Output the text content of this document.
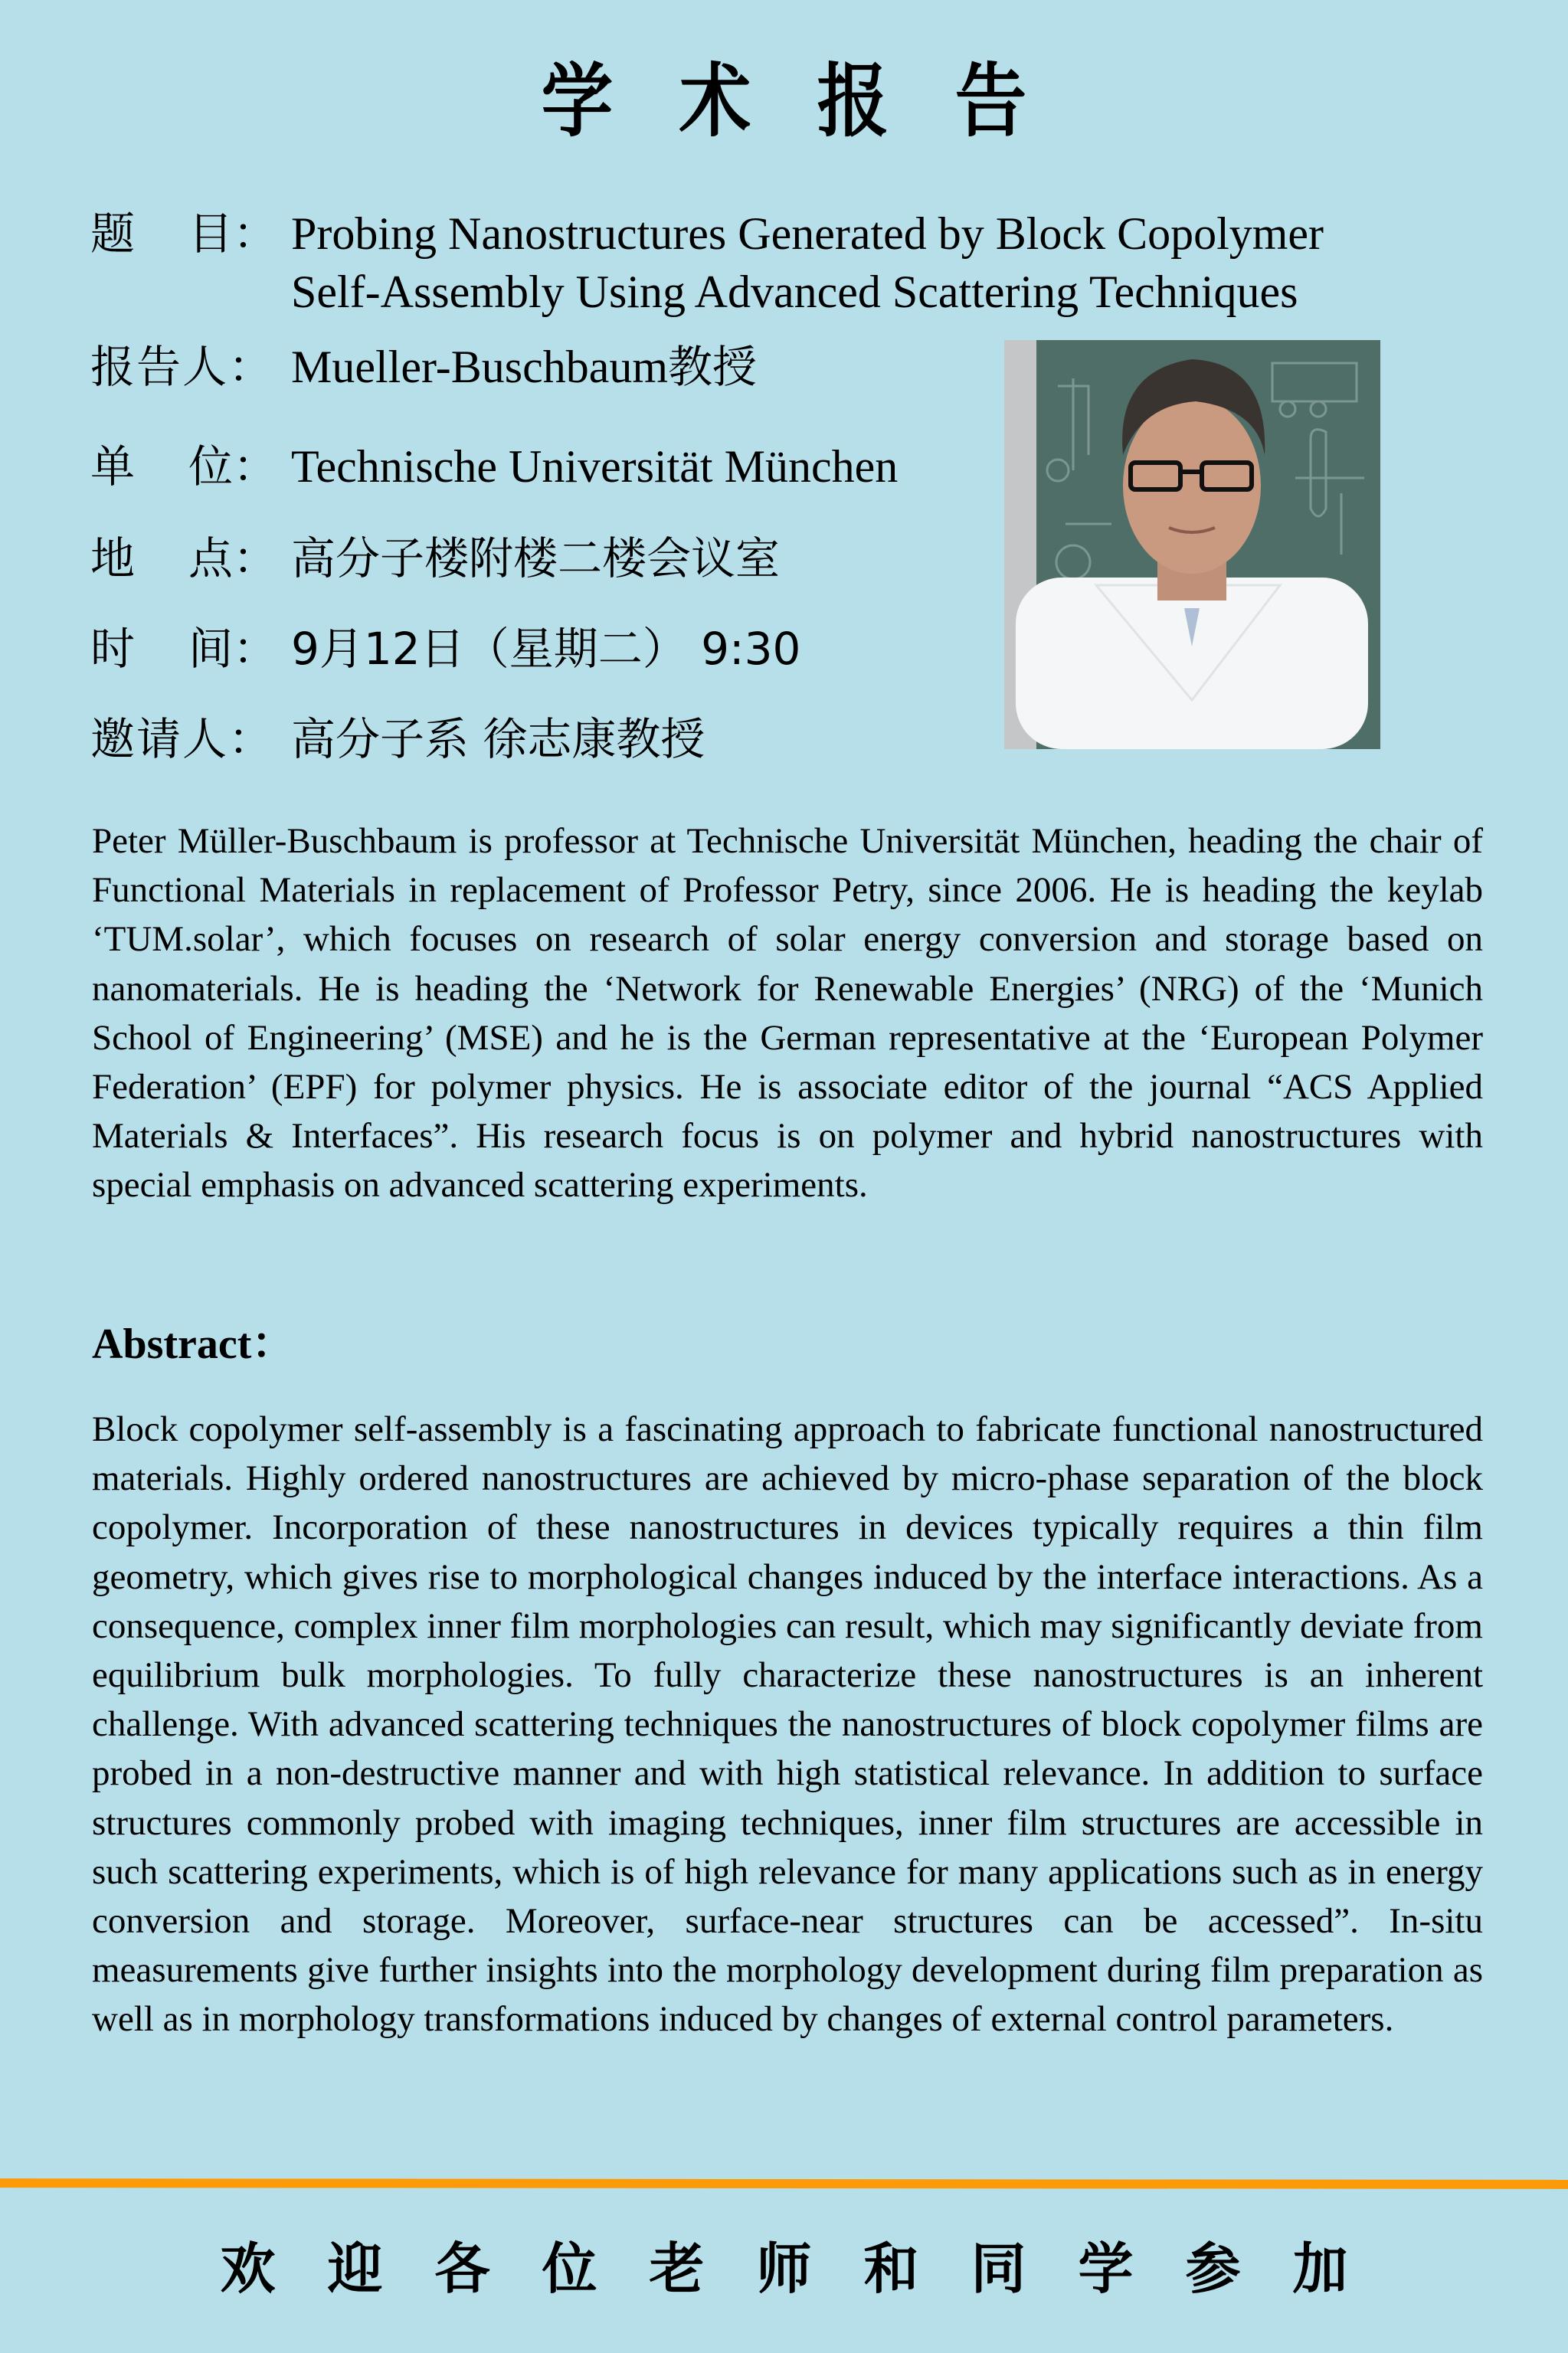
学术报告
题 目： Probing Nanostructures Generated by Block Copolymer
Self-Assembly Using Advanced Scattering Techniques
报告人： Mueller-Buschbaum 教授
单 位： Technische Universität München
地 点： 高分子楼附楼二楼会议室
时 间： 9月12日（星期二） 9:30
邀请人： 高分子系 徐志康教授
Peter Müller-Buschbaum is professor at Technische Universität München, heading the chair of Functional Materials in replacement of Professor Petry, since 2006. He is heading the keylab ‘TUM.solar’, which focuses on research of solar energy conversion and storage based on nanomaterials. He is heading the ‘Network for Renewable Energies’ (NRG) of the ‘Munich School of Engineering’ (MSE) and he is the German representative at the ‘European Polymer Federation’ (EPF) for polymer physics. He is associate editor of the journal “ACS Applied Materials & Interfaces”. His research focus is on polymer and hybrid nanostructures with special emphasis on advanced scattering experiments.
Abstract：
Block copolymer self-assembly is a fascinating approach to fabricate functional nanostructured materials. Highly ordered nanostructures are achieved by micro-phase separation of the block copolymer. Incorporation of these nanostructures in devices typically requires a thin film geometry, which gives rise to morphological changes induced by the interface interactions. As a consequence, complex inner film morphologies can result, which may significantly deviate from equilibrium bulk morphologies. To fully characterize these nanostructures is an inherent challenge. With advanced scattering techniques the nanostructures of block copolymer films are probed in a non-destructive manner and with high statistical relevance. In addition to surface structures commonly probed with imaging techniques, inner film structures are accessible in such scattering experiments, which is of high relevance for many applications such as in energy conversion and storage. Moreover, surface-near structures can be accessed”. In-situ measurements give further insights into the morphology development during film preparation as well as in morphology transformations induced by changes of external control parameters.
欢迎各位老师和同学参加
